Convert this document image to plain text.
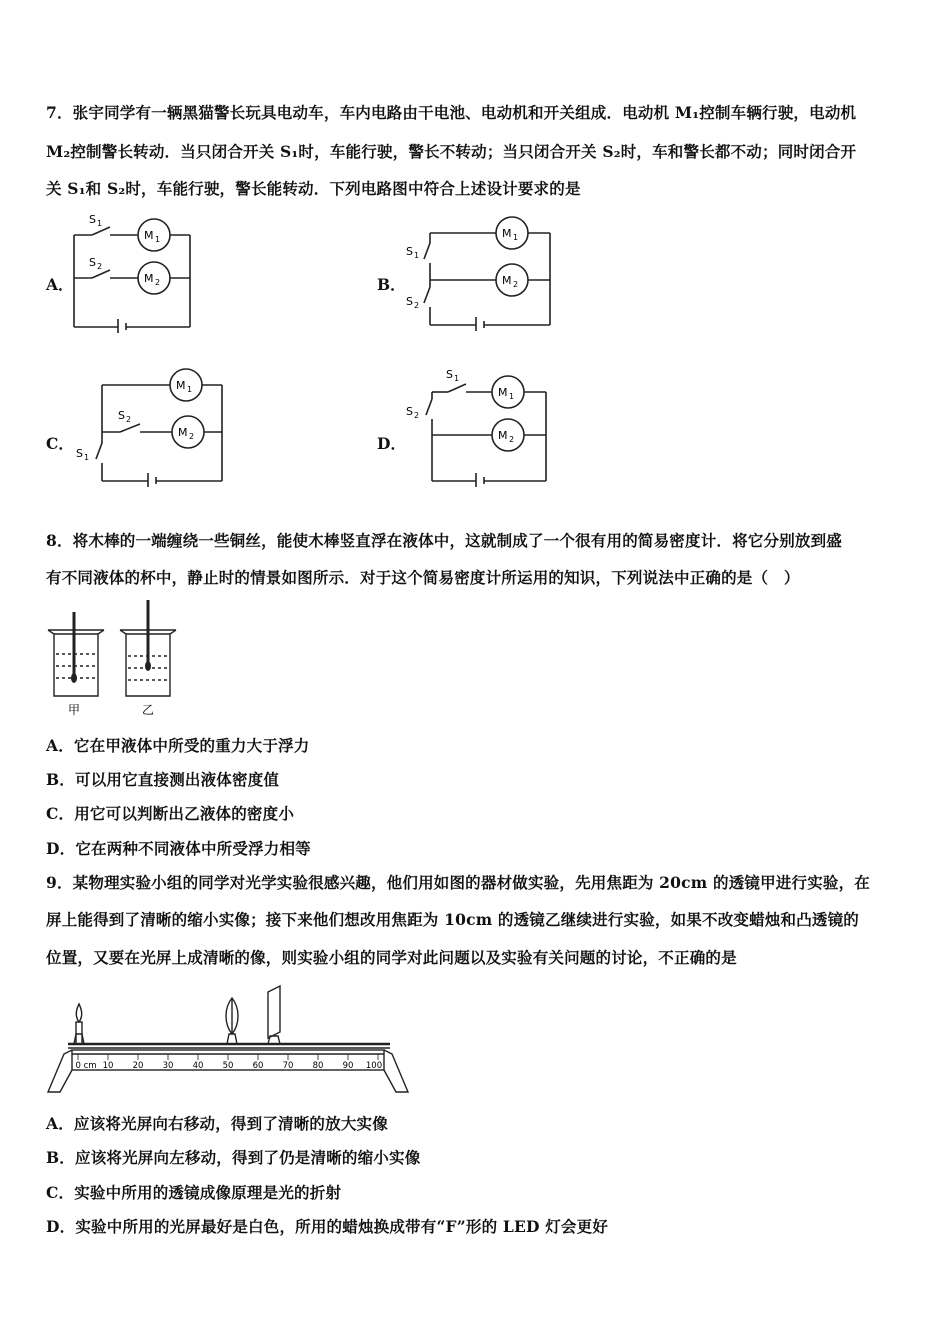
7．张宇同学有一辆黑猫警长玩具电动车，车内电路由干电池、电动机和开关组成．电动机 M₁控制车辆行驶，电动机
M₂控制警长转动．当只闭合开关 S₁时，车能行驶，警长不转动；当只闭合开关 S₂时，车和警长都不动；同时闭合开
关 S₁和 S₂时，车能行驶，警长能转动．下列电路图中符合上述设计要求的是
A．	B．
C．	D．
S 1
S 2
M 1
M 2
S 1
S 2
M 1
M 2
S 2
S 1
M 1
M 2
S 1
S 2
M 1
M 2
8．将木棒的一端缠绕一些铜丝，能使木棒竖直浮在液体中，这就制成了一个很有用的简易密度计．将它分别放到盛
有不同液体的杯中，静止时的情景如图所示．对于这个简易密度计所运用的知识，下列说法中正确的是（　）
甲	乙
A．它在甲液体中所受的重力大于浮力
B．可以用它直接测出液体密度值
C．用它可以判断出乙液体的密度小
D．它在两种不同液体中所受浮力相等
9．某物理实验小组的同学对光学实验很感兴趣，他们用如图的器材做实验，先用焦距为 20cm 的透镜甲进行实验，在
屏上能得到了清晰的缩小实像；接下来他们想改用焦距为 10cm 的透镜乙继续进行实验，如果不改变蜡烛和凸透镜的
位置，又要在光屏上成清晰的像，则实验小组的同学对此问题以及实验有关问题的讨论，不正确的是
0 cm 10 20 30 40 50 60 70 80 90 100
A．应该将光屏向右移动，得到了清晰的放大实像
B．应该将光屏向左移动，得到了仍是清晰的缩小实像
C．实验中所用的透镜成像原理是光的折射
D．实验中所用的光屏最好是白色，所用的蜡烛换成带有“F”形的 LED 灯会更好
